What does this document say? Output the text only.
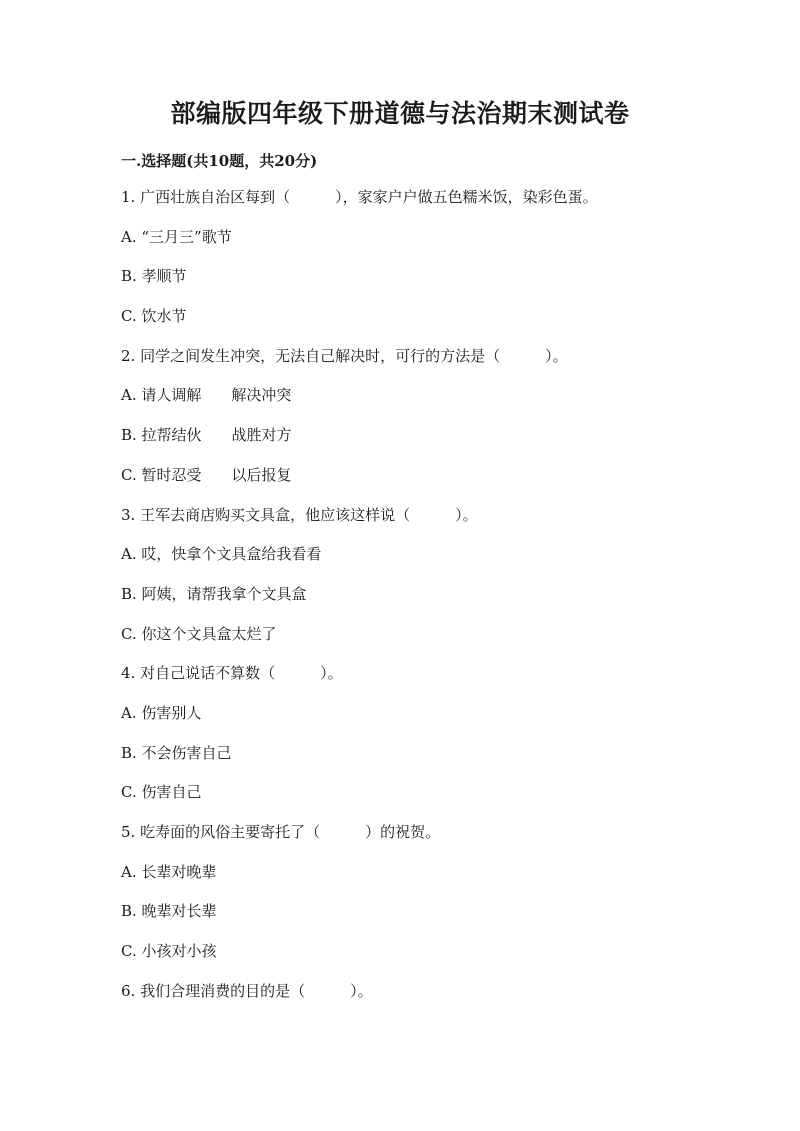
部编版四年级下册道德与法治期末测试卷
一.选择题(共10题，共20分)
1. 广西壮族自治区每到（　　　），家家户户做五色糯米饭，染彩色蛋。
A. “三月三”歌节
B. 孝顺节
C. 饮水节
2. 同学之间发生冲突，无法自己解决时，可行的方法是（　　　）。
A. 请人调解　　解决冲突
B. 拉帮结伙　　战胜对方
C. 暂时忍受　　以后报复
3. 王军去商店购买文具盒，他应该这样说（　　　）。
A. 哎，快拿个文具盒给我看看
B. 阿姨，请帮我拿个文具盒
C. 你这个文具盒太烂了
4. 对自己说话不算数（　　　）。
A. 伤害别人
B. 不会伤害自己
C. 伤害自己
5. 吃寿面的风俗主要寄托了（　　　）的祝贺。
A. 长辈对晚辈
B. 晚辈对长辈
C. 小孩对小孩
6. 我们合理消费的目的是（　　　）。
